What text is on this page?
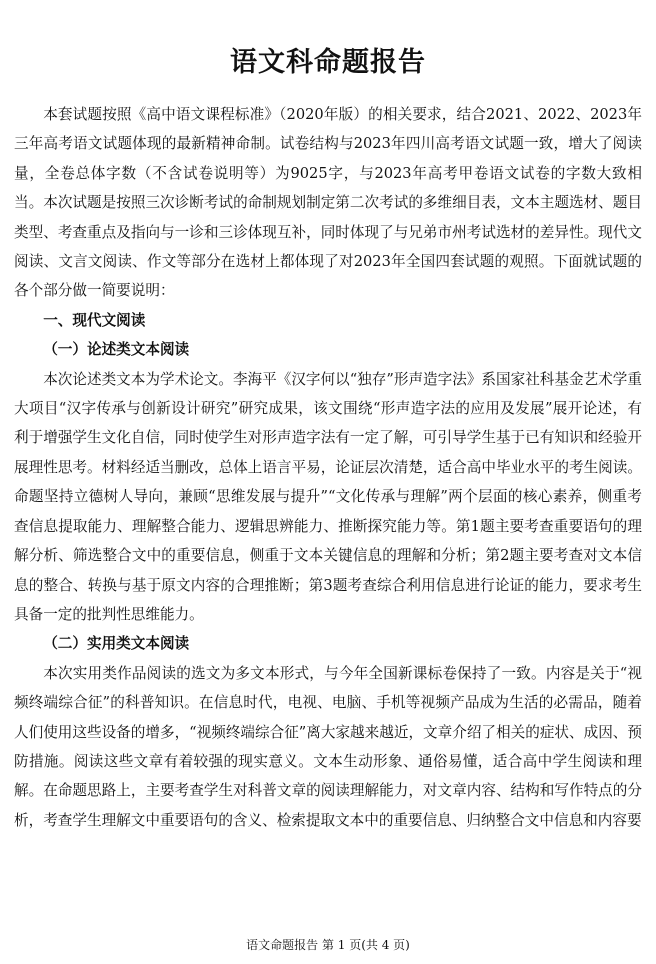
语文科命题报告

本套试题按照《高中语文课程标准》（2020年版）的相关要求，结合2021、2022、2023年三年高考语文试题体现的最新精神命制。试卷结构与2023年四川高考语文试题一致，增大了阅读量，全卷总体字数（不含试卷说明等）为9025字，与2023年高考甲卷语文试卷的字数大致相当。本次试题是按照三次诊断考试的命制规划制定第二次考试的多维细目表，文本主题选材、题目类型、考查重点及指向与一诊和三诊体现互补，同时体现了与兄弟市州考试选材的差异性。现代文阅读、文言文阅读、作文等部分在选材上都体现了对2023年全国四套试题的观照。下面就试题的各个部分做一简要说明：

一、现代文阅读

（一）论述类文本阅读

本次论述类文本为学术论文。李海平《汉字何以“独存”形声造字法》系国家社科基金艺术学重大项目“汉字传承与创新设计研究”研究成果，该文围绕“形声造字法的应用及发展”展开论述，有利于增强学生文化自信，同时使学生对形声造字法有一定了解，可引导学生基于已有知识和经验开展理性思考。材料经适当删改，总体上语言平易，论证层次清楚，适合高中毕业水平的考生阅读。命题坚持立德树人导向，兼顾“思维发展与提升”“文化传承与理解”两个层面的核心素养，侧重考查信息提取能力、理解整合能力、逻辑思辨能力、推断探究能力等。第1题主要考查重要语句的理解分析、筛选整合文中的重要信息，侧重于文本关键信息的理解和分析；第2题主要考查对文本信息的整合、转换与基于原文内容的合理推断；第3题考查综合利用信息进行论证的能力，要求考生具备一定的批判性思维能力。

（二）实用类文本阅读

本次实用类作品阅读的选文为多文本形式，与今年全国新课标卷保持了一致。内容是关于“视频终端综合征”的科普知识。在信息时代，电视、电脑、手机等视频产品成为生活的必需品，随着人们使用这些设备的增多，“视频终端综合征”离大家越来越近，文章介绍了相关的症状、成因、预防措施。阅读这些文章有着较强的现实意义。文本生动形象、通俗易懂，适合高中学生阅读和理解。在命题思路上，主要考查学生对科普文章的阅读理解能力，对文章内容、结构和写作特点的分析，考查学生理解文中重要语句的含义、检索提取文本中的重要信息、归纳整合文中信息和内容要

语文命题报告 第 1 页(共 4 页)
